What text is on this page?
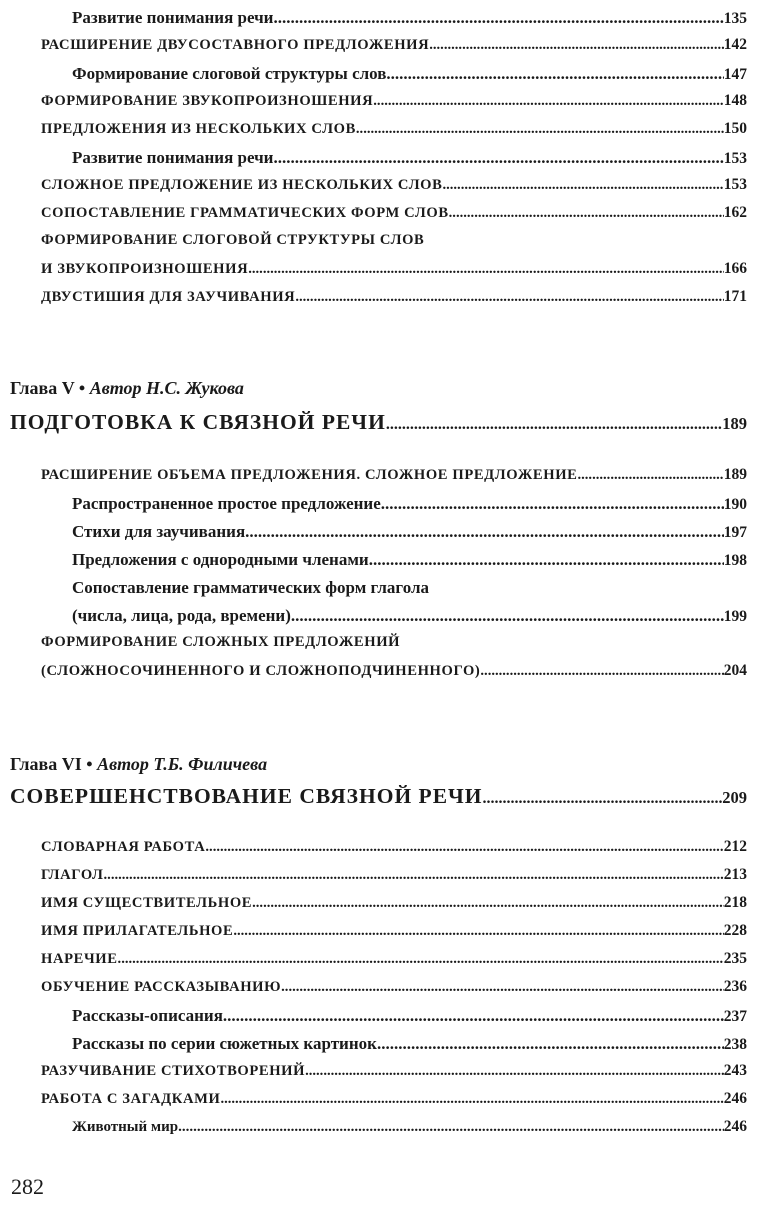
Развитие понимания речи .....	135
РАСШИРЕНИЕ ДВУСОСТАВНОГО ПРЕДЛОЖЕНИЯ .....	142
Формирование слоговой структуры слов .....	147
ФОРМИРОВАНИЕ ЗВУКОПРОИЗНОШЕНИЯ .....	148
ПРЕДЛОЖЕНИЯ ИЗ НЕСКОЛЬКИХ СЛОВ .....	150
Развитие понимания речи .....	153
СЛОЖНОЕ ПРЕДЛОЖЕНИЕ ИЗ НЕСКОЛЬКИХ СЛОВ .....	153
СОПОСТАВЛЕНИЕ ГРАММАТИЧЕСКИХ ФОРМ СЛОВ .....	162
ФОРМИРОВАНИЕ СЛОГОВОЙ СТРУКТУРЫ СЛОВ
И ЗВУКОПРОИЗНОШЕНИЯ .....	166
ДВУСТИШИЯ ДЛЯ ЗАУЧИВАНИЯ .....	171
Глава V • Автор Н.С. Жукова
ПОДГОТОВКА К СВЯЗНОЙ РЕЧИ .....	189
РАСШИРЕНИЕ ОБЪЕМА ПРЕДЛОЖЕНИЯ. СЛОЖНОЕ ПРЕДЛОЖЕНИЕ .....	189
Распространенное простое предложение .....	190
Стихи для заучивания .....	197
Предложения с однородными членами .....	198
Сопоставление грамматических форм глагола
(числа, лица, рода, времени) .....	199
ФОРМИРОВАНИЕ СЛОЖНЫХ ПРЕДЛОЖЕНИЙ
(СЛОЖНОСОЧИНЕННОГО И СЛОЖНОПОДЧИНЕННОГО) .....	204
Глава VI • Автор Т.Б. Филичева
СОВЕРШЕНСТВОВАНИЕ СВЯЗНОЙ РЕЧИ .....	209
СЛОВАРНАЯ РАБОТА .....	212
ГЛАГОЛ .....	213
ИМЯ СУЩЕСТВИТЕЛЬНОЕ .....	218
ИМЯ ПРИЛАГАТЕЛЬНОЕ .....	228
НАРЕЧИЕ .....	235
ОБУЧЕНИЕ РАССКАЗЫВАНИЮ .....	236
Рассказы-описания .....	237
Рассказы по серии сюжетных картинок .....	238
РАЗУЧИВАНИЕ СТИХОТВОРЕНИЙ .....	243
РАБОТА С ЗАГАДКАМИ .....	246
Животный мир .....	246
282
